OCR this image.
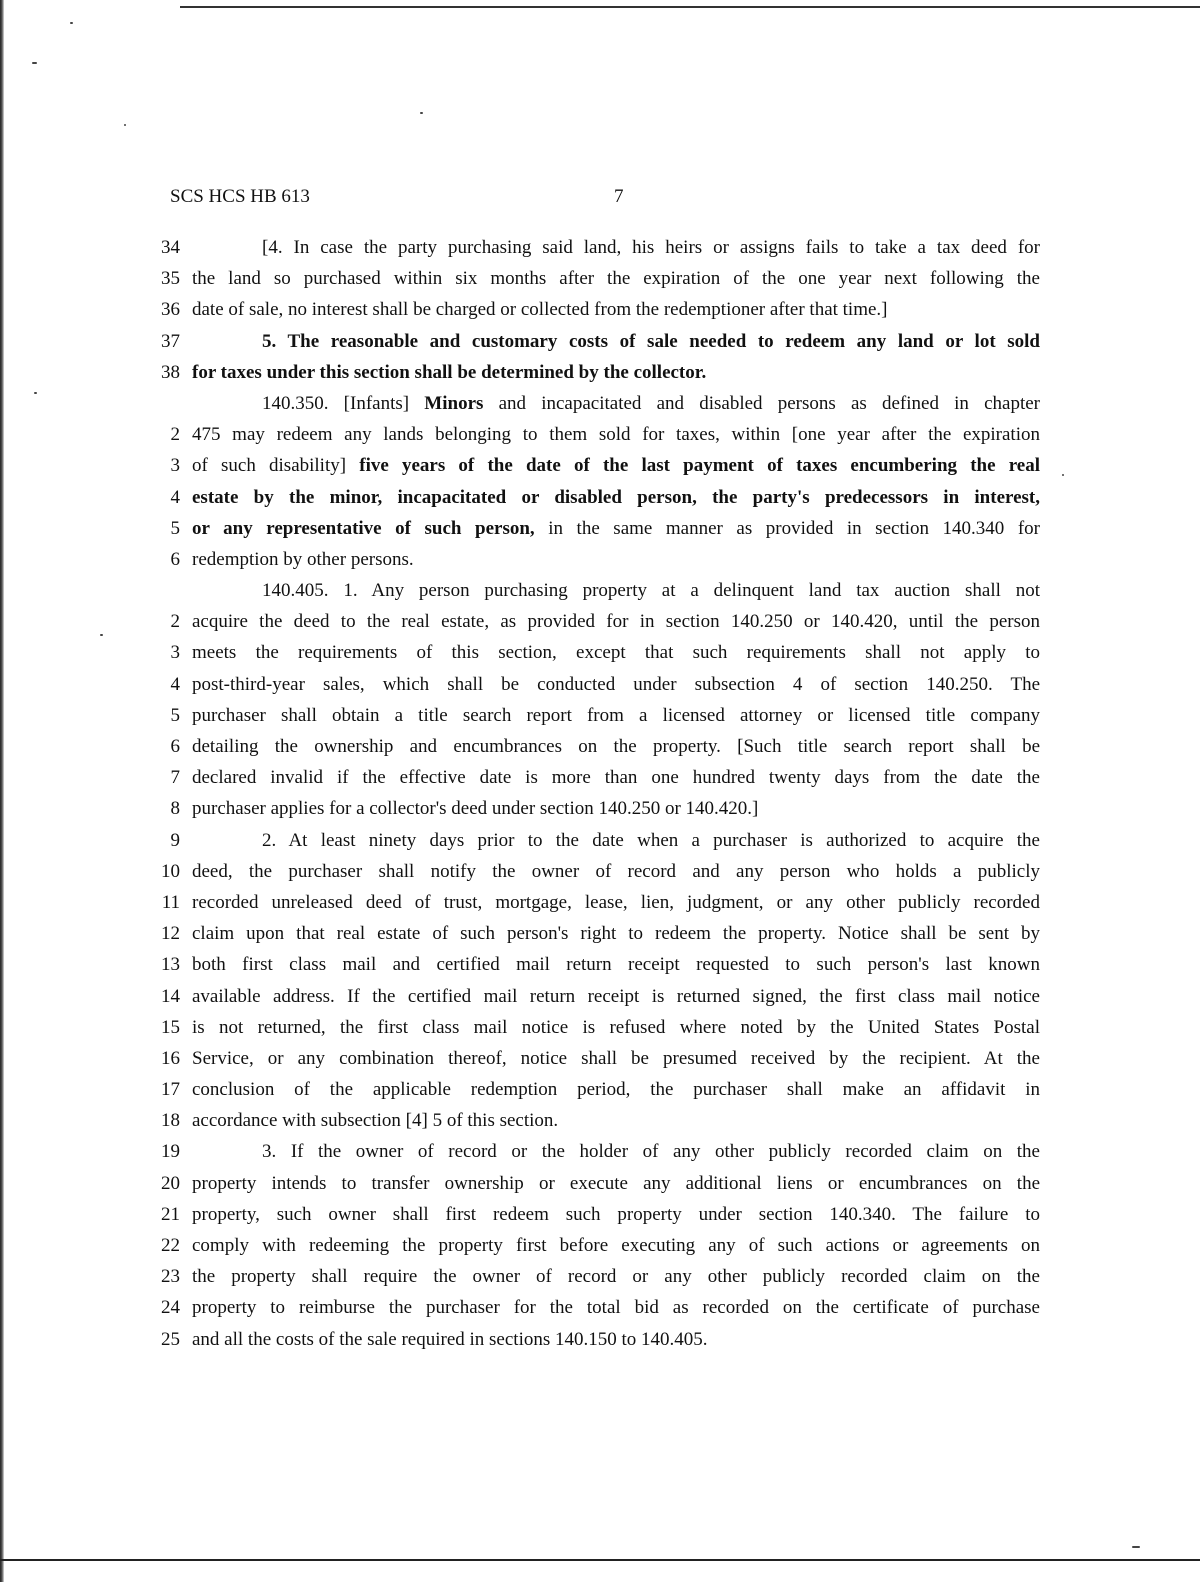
SCS HCS HB 613	7
34	[4. In case the party purchasing said land, his heirs or assigns fails to take a tax deed for
35 the land so purchased within six months after the expiration of the one year next following the
36 date of sale, no interest shall be charged or collected from the redemptioner after that time.]
37	5. The reasonable and customary costs of sale needed to redeem any land or lot sold
38 for taxes under this section shall be determined by the collector.
140.350. [Infants] Minors and incapacitated and disabled persons as defined in chapter
2 475 may redeem any lands belonging to them sold for taxes, within [one year after the expiration
3 of such disability] five years of the date of the last payment of taxes encumbering the real
4 estate by the minor, incapacitated or disabled person, the party's predecessors in interest,
5 or any representative of such person, in the same manner as provided in section 140.340 for
6 redemption by other persons.
140.405. 1. Any person purchasing property at a delinquent land tax auction shall not
2 acquire the deed to the real estate, as provided for in section 140.250 or 140.420, until the person
3 meets the requirements of this section, except that such requirements shall not apply to
4 post-third-year sales, which shall be conducted under subsection 4 of section 140.250. The
5 purchaser shall obtain a title search report from a licensed attorney or licensed title company
6 detailing the ownership and encumbrances on the property. [Such title search report shall be
7 declared invalid if the effective date is more than one hundred twenty days from the date the
8 purchaser applies for a collector's deed under section 140.250 or 140.420.]
9	2. At least ninety days prior to the date when a purchaser is authorized to acquire the
10 deed, the purchaser shall notify the owner of record and any person who holds a publicly
11 recorded unreleased deed of trust, mortgage, lease, lien, judgment, or any other publicly recorded
12 claim upon that real estate of such person's right to redeem the property. Notice shall be sent by
13 both first class mail and certified mail return receipt requested to such person's last known
14 available address. If the certified mail return receipt is returned signed, the first class mail notice
15 is not returned, the first class mail notice is refused where noted by the United States Postal
16 Service, or any combination thereof, notice shall be presumed received by the recipient. At the
17 conclusion of the applicable redemption period, the purchaser shall make an affidavit in
18 accordance with subsection [4] 5 of this section.
19	3. If the owner of record or the holder of any other publicly recorded claim on the
20 property intends to transfer ownership or execute any additional liens or encumbrances on the
21 property, such owner shall first redeem such property under section 140.340. The failure to
22 comply with redeeming the property first before executing any of such actions or agreements on
23 the property shall require the owner of record or any other publicly recorded claim on the
24 property to reimburse the purchaser for the total bid as recorded on the certificate of purchase
25 and all the costs of the sale required in sections 140.150 to 140.405.
